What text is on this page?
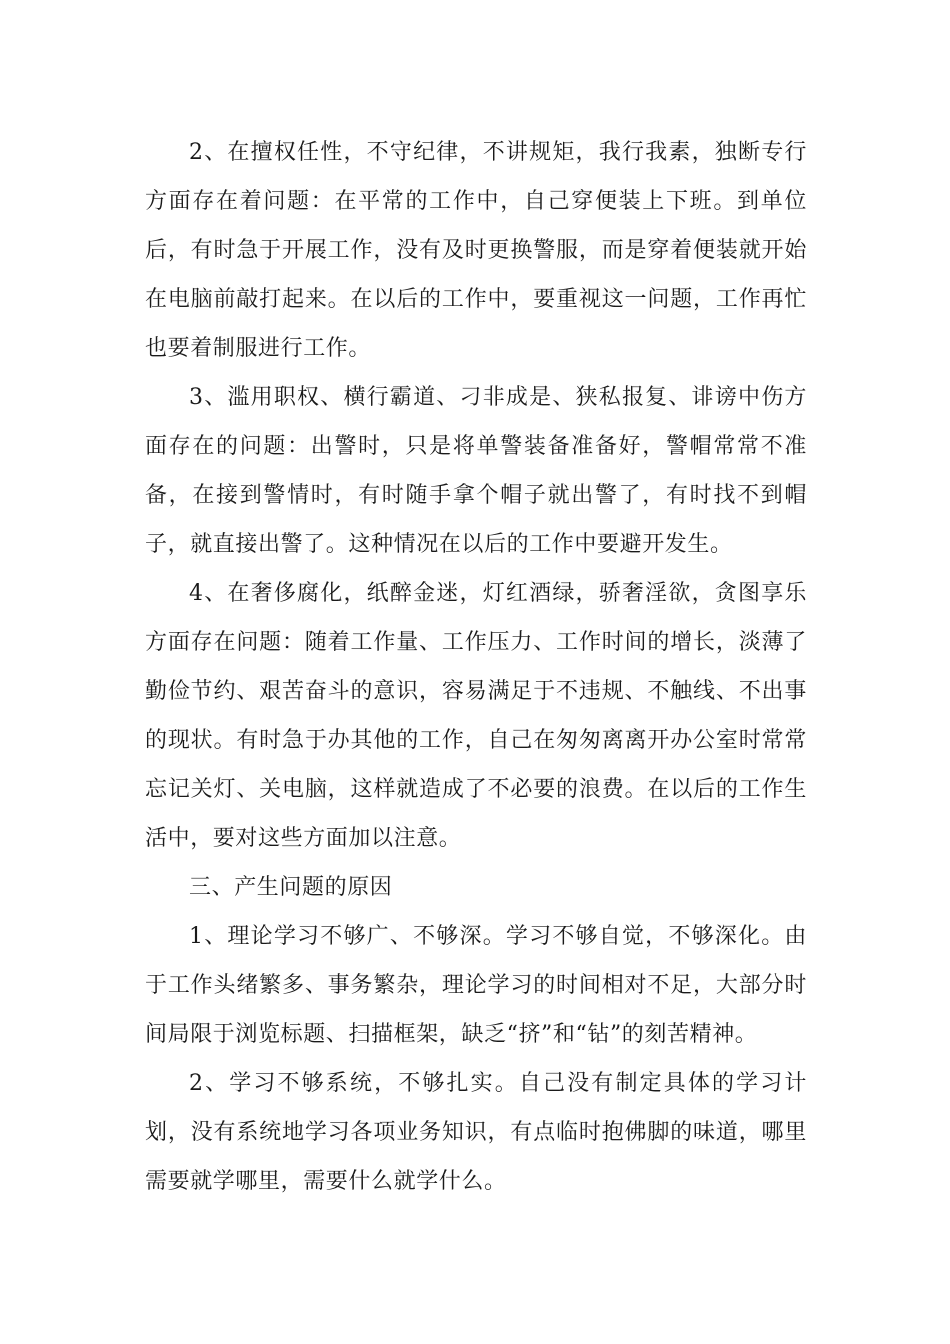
2、在擅权任性，不守纪律，不讲规矩，我行我素，独断专行方面存在着问题：在平常的工作中，自己穿便装上下班。到单位后，有时急于开展工作，没有及时更换警服，而是穿着便装就开始在电脑前敲打起来。在以后的工作中，要重视这一问题，工作再忙也要着制服进行工作。

3、滥用职权、横行霸道、刁非成是、狭私报复、诽谤中伤方面存在的问题：出警时，只是将单警装备准备好，警帽常常不准备，在接到警情时，有时随手拿个帽子就出警了，有时找不到帽子，就直接出警了。这种情况在以后的工作中要避开发生。

4、在奢侈腐化，纸醉金迷，灯红酒绿，骄奢淫欲，贪图享乐方面存在问题：随着工作量、工作压力、工作时间的增长，淡薄了勤俭节约、艰苦奋斗的意识，容易满足于不违规、不触线、不出事的现状。有时急于办其他的工作，自己在匆匆离离开办公室时常常忘记关灯、关电脑，这样就造成了不必要的浪费。在以后的工作生活中，要对这些方面加以注意。

三、产生问题的原因

1、理论学习不够广、不够深。学习不够自觉，不够深化。由于工作头绪繁多、事务繁杂，理论学习的时间相对不足，大部分时间局限于浏览标题、扫描框架，缺乏“挤”和“钻”的刻苦精神。

2、学习不够系统，不够扎实。自己没有制定具体的学习计划，没有系统地学习各项业务知识，有点临时抱佛脚的味道，哪里需要就学哪里，需要什么就学什么。
